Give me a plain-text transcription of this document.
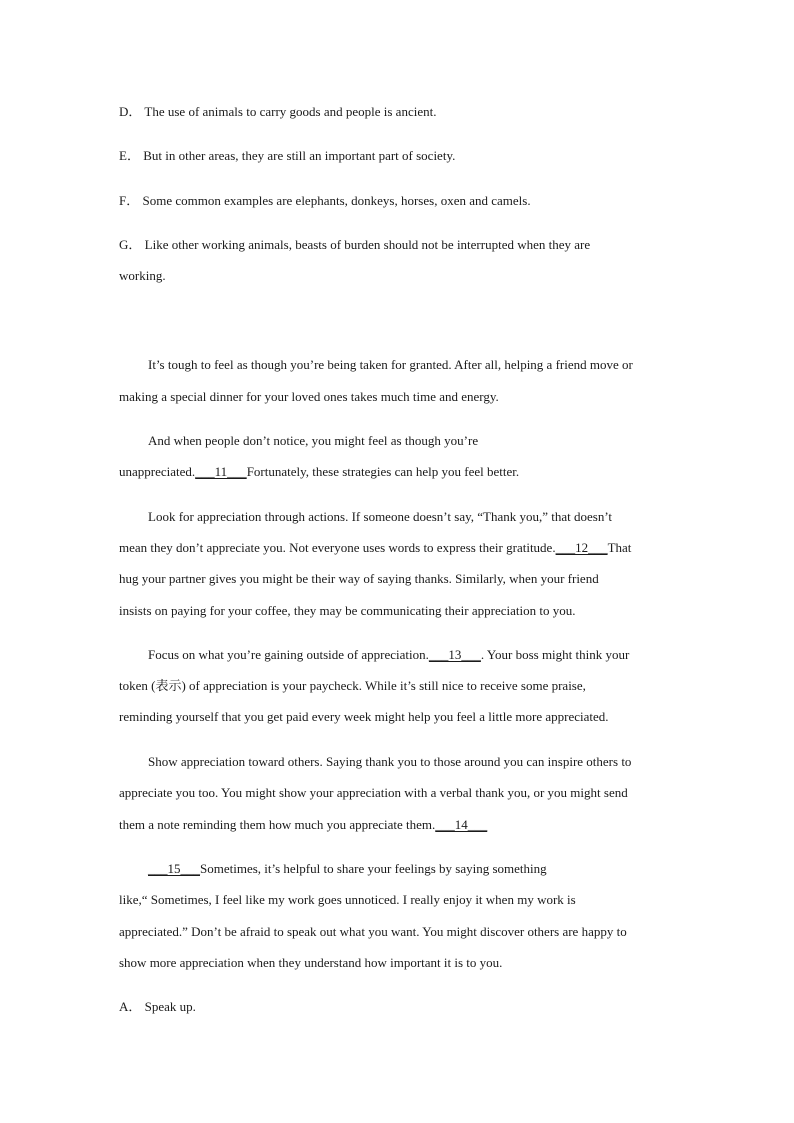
D． The use of animals to carry goods and people is ancient.
E． But in other areas, they are still an important part of society.
F． Some common examples are elephants, donkeys, horses, oxen and camels.
G． Like other working animals, beasts of burden should not be interrupted when they are
working.
It’s tough to feel as though you’re being taken for granted. After all, helping a friend move or
making a special dinner for your loved ones takes much time and energy.
And when people don’t notice, you might feel as though you’re
unappreciated.___11___Fortunately, these strategies can help you feel better.
Look for appreciation through actions. If someone doesn’t say, “Thank you,” that doesn’t
mean they don’t appreciate you. Not everyone uses words to express their gratitude.___12___That
hug your partner gives you might be their way of saying thanks. Similarly, when your friend
insists on paying for your coffee, they may be communicating their appreciation to you.
Focus on what you’re gaining outside of appreciation.___13___. Your boss might think your
token (表示) of appreciation is your paycheck. While it’s still nice to receive some praise,
reminding yourself that you get paid every week might help you feel a little more appreciated.
Show appreciation toward others. Saying thank you to those around you can inspire others to
appreciate you too. You might show your appreciation with a verbal thank you, or you might send
them a note reminding them how much you appreciate them.___14___
___15___Sometimes, it’s helpful to share your feelings by saying something
like,“ Sometimes, I feel like my work goes unnoticed. I really enjoy it when my work is
appreciated.” Don’t be afraid to speak out what you want. You might discover others are happy to
show more appreciation when they understand how important it is to you.
A． Speak up.
